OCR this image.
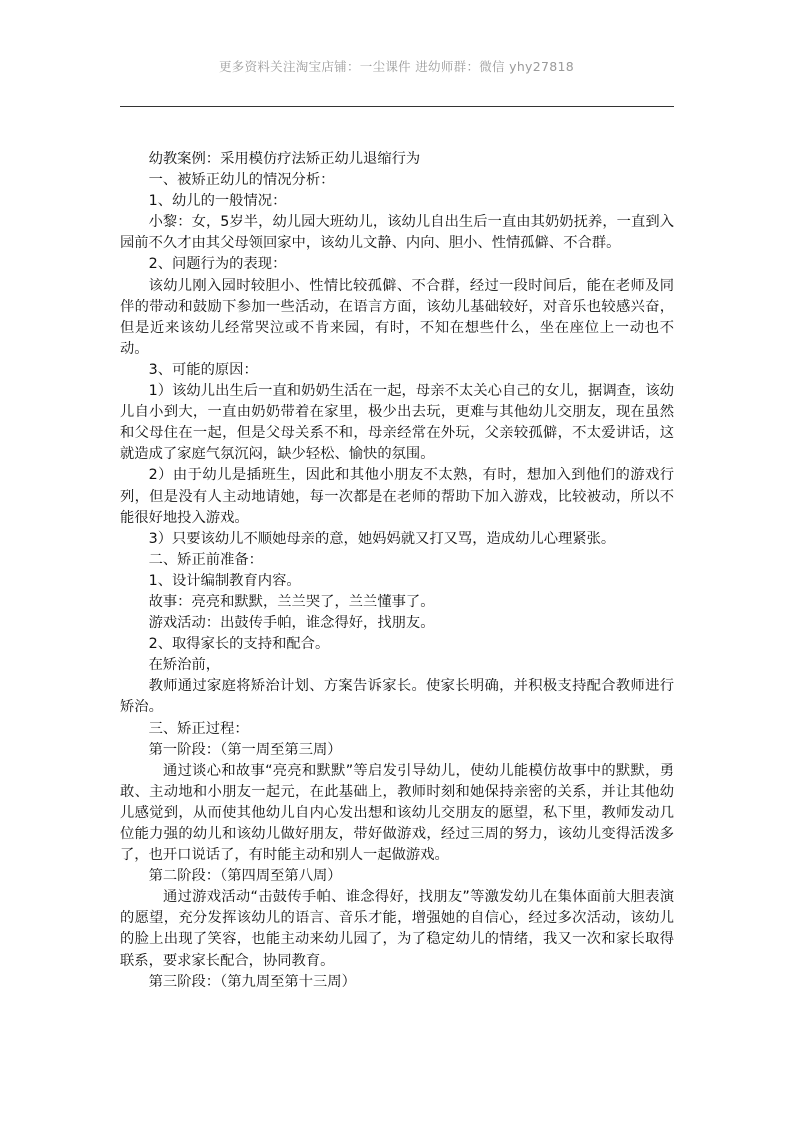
更多资料关注淘宝店铺：一尘课件 进幼师群：微信 yhy27818

幼教案例：采用模仿疗法矫正幼儿退缩行为

一、被矫正幼儿的情况分析：

1、幼儿的一般情况：

小黎：女，5岁半，幼儿园大班幼儿，该幼儿自出生后一直由其奶奶抚养，一直到入园前不久才由其父母领回家中，该幼儿文静、内向、胆小、性情孤僻、不合群。

2、问题行为的表现：

该幼儿刚入园时较胆小、性情比较孤僻、不合群，经过一段时间后，能在老师及同伴的带动和鼓励下参加一些活动，在语言方面，该幼儿基础较好，对音乐也较感兴奋，但是近来该幼儿经常哭泣或不肯来园，有时，不知在想些什么，坐在座位上一动也不动。

3、可能的原因：

1）该幼儿出生后一直和奶奶生活在一起，母亲不太关心自己的女儿，据调查，该幼儿自小到大，一直由奶奶带着在家里，极少出去玩，更难与其他幼儿交朋友，现在虽然和父母住在一起，但是父母关系不和，母亲经常在外玩，父亲较孤僻，不太爱讲话，这就造成了家庭气氛沉闷，缺少轻松、愉快的氛围。

2）由于幼儿是插班生，因此和其他小朋友不太熟，有时，想加入到他们的游戏行列，但是没有人主动地请她，每一次都是在老师的帮助下加入游戏，比较被动，所以不能很好地投入游戏。

3）只要该幼儿不顺她母亲的意，她妈妈就又打又骂，造成幼儿心理紧张。

二、矫正前准备：

1、设计编制教育内容。

故事：亮亮和默默，兰兰哭了，兰兰懂事了。

游戏活动：出鼓传手帕，谁念得好，找朋友。

2、取得家长的支持和配合。

在矫治前，

教师通过家庭将矫治计划、方案告诉家长。使家长明确，并积极支持配合教师进行矫治。

三、矫正过程：

第一阶段：（第一周至第三周）

通过谈心和故事“亮亮和默默”等启发引导幼儿，使幼儿能模仿故事中的默默，勇敢、主动地和小朋友一起元，在此基础上，教师时刻和她保持亲密的关系，并让其他幼儿感觉到，从而使其他幼儿自内心发出想和该幼儿交朋友的愿望，私下里，教师发动几位能力强的幼儿和该幼儿做好朋友，带好做游戏，经过三周的努力，该幼儿变得活泼多了，也开口说话了，有时能主动和别人一起做游戏。

第二阶段：（第四周至第八周）

通过游戏活动“击鼓传手帕、谁念得好，找朋友”等激发幼儿在集体面前大胆表演的愿望，充分发挥该幼儿的语言、音乐才能，增强她的自信心，经过多次活动，该幼儿的脸上出现了笑容，也能主动来幼儿园了，为了稳定幼儿的情绪，我又一次和家长取得联系，要求家长配合，协同教育。

第三阶段：（第九周至第十三周）
